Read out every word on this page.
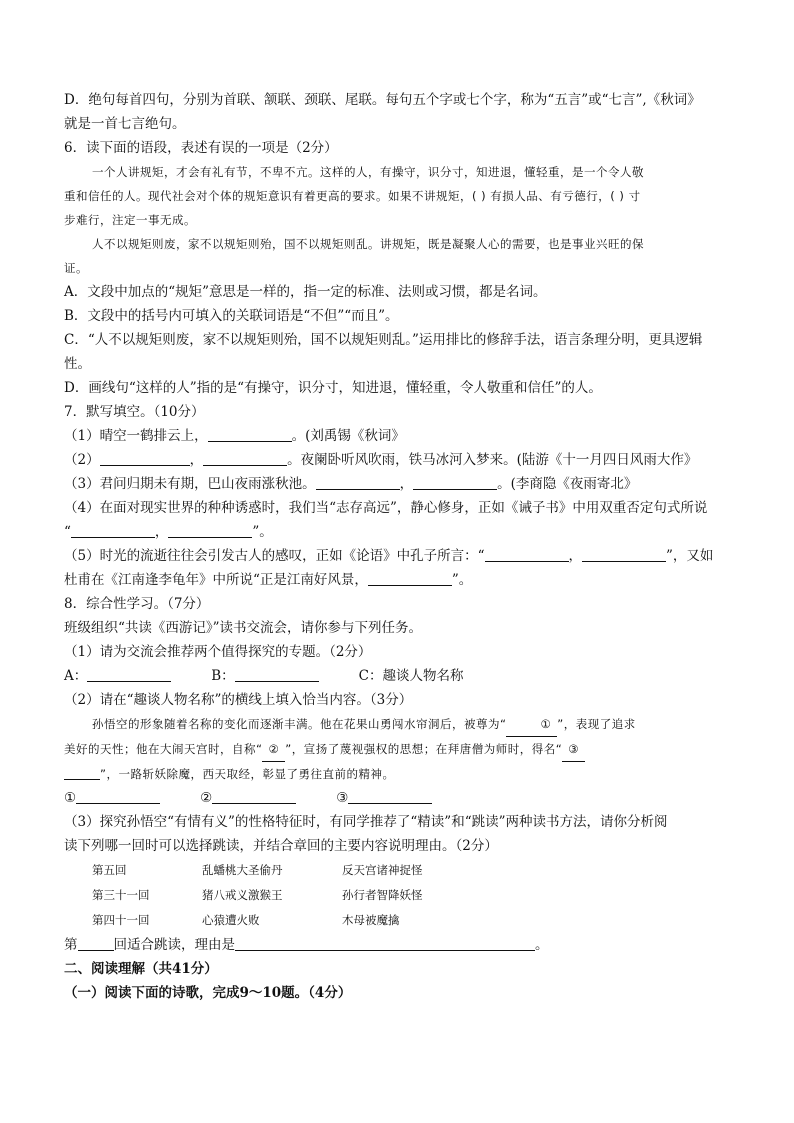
D．绝句每首四句，分别为首联、颔联、颈联、尾联。每句五个字或七个字，称为“五言”或“七言”,《秋词》

就是一首七言绝句。

6．读下面的语段，表述有误的一项是（2分）

一个人讲规矩，才会有礼有节，不卑不亢。这样的人，有操守，识分寸，知进退，懂轻重，是一个令人敬

重和信任的人。现代社会对个体的规矩意识有着更高的要求。如果不讲规矩，( ) 有损人品、有亏德行，( ) 寸

步难行，注定一事无成。

人不以规矩则废，家不以规矩则殆，国不以规矩则乱。讲规矩，既是凝聚人心的需要，也是事业兴旺的保

证。

A．文段中加点的“规矩”意思是一样的，指一定的标准、法则或习惯，都是名词。

B．文段中的括号内可填入的关联词语是“不但”“而且”。

C．“人不以规矩则废，家不以规矩则殆，国不以规矩则乱。”运用排比的修辞手法，语言条理分明，更具逻辑

性。

D．画线句“这样的人”指的是“有操守，识分寸，知进退，懂轻重，令人敬重和信任”的人。

7．默写填空。（10分）

（1）晴空一鹤排云上，	。(刘禹锡《秋词》

（2）	，	。夜阑卧听风吹雨，铁马冰河入梦来。(陆游《十一月四日风雨大作》

（3）君问归期未有期，巴山夜雨涨秋池。	，	。(李商隐《夜雨寄北》

（4）在面对现实世界的种种诱惑时，我们当“志存高远”，静心修身，正如《诫子书》中用双重否定句式所说

“	，	”。

（5）时光的流逝往往会引发古人的感叹，正如《论语》中孔子所言：“	，	”，又如

杜甫在《江南逢李龟年》中所说“正是江南好风景，	”。

8．综合性学习。（7分）

班级组织“共读《西游记》”读书交流会，请你参与下列任务。

（1）请为交流会推荐两个值得探究的专题。（2分）

A：	B：	C：趣谈人物名称

（2）请在“趣谈人物名称”的横线上填入恰当内容。（3分）

孙悟空的形象随着名称的变化而逐渐丰满。他在花果山勇闯水帘洞后，被尊为“	① ”，表现了追求

美好的天性；他在大闹天宫时，自称“ ② ”，宣扬了蔑视强权的思想；在拜唐僧为师时，得名“ ③

”，一路斩妖除魔，西天取经，彰显了勇往直前的精神。

①	②	③

（3）探究孙悟空“有情有义”的性格特征时，有同学推荐了“精读”和“跳读”两种读书方法，请你分析阅

读下列哪一回时可以选择跳读，并结合章回的主要内容说明理由。（2分）

第五回	乱蟠桃大圣偷丹	反天宫诸神捉怪
第三十一回	猪八戒义激猴王	孙行者智降妖怪
第四十一回	心猿遭火败	木母被魔擒

第	回适合跳读，理由是	。

二、阅读理解（共41分）

（一）阅读下面的诗歌，完成9～10题。（4分）
